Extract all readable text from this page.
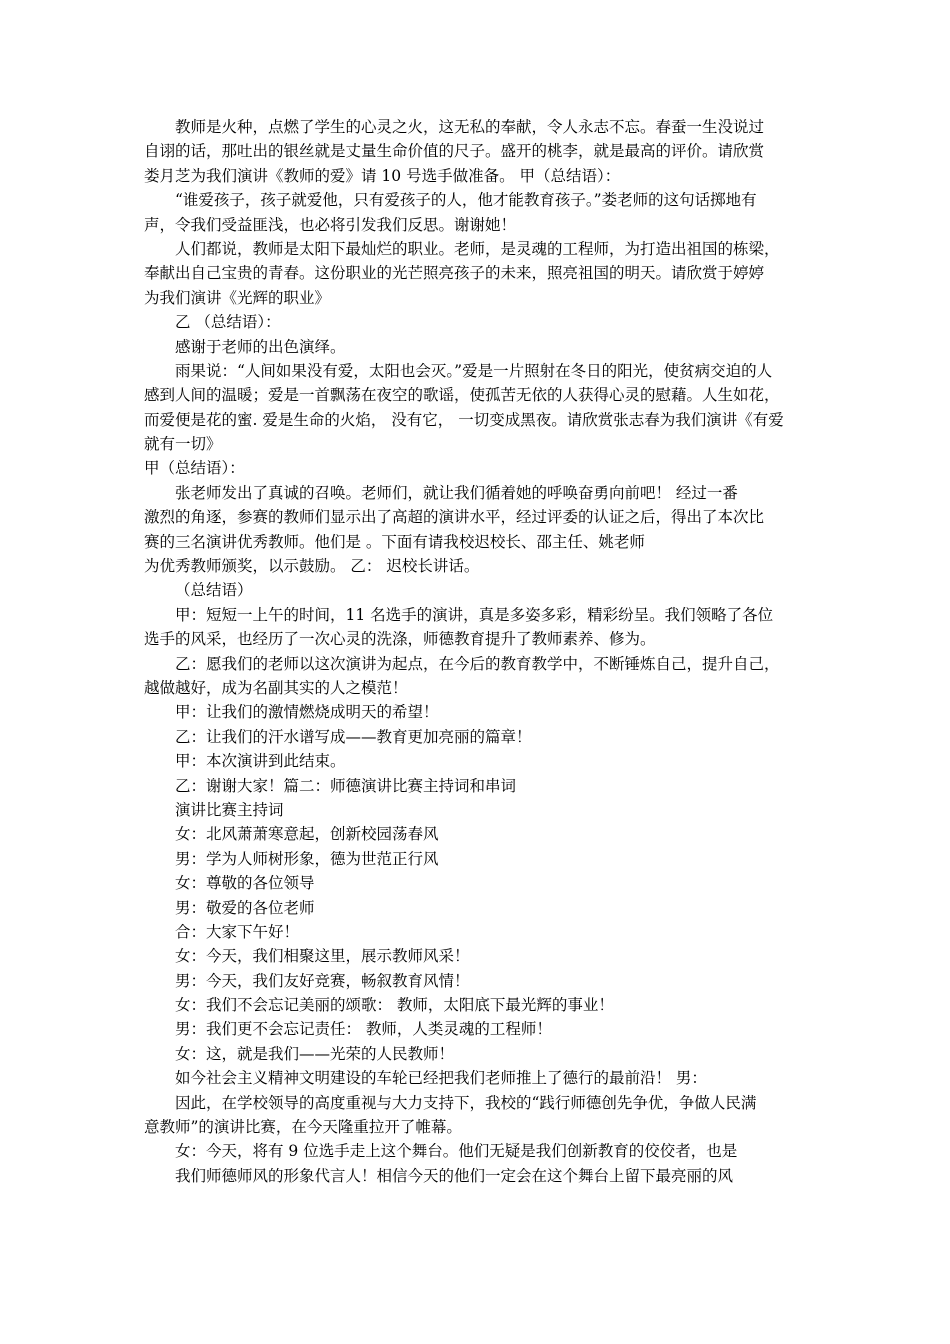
教师是火种，点燃了学生的心灵之火，这无私的奉献，令人永志不忘。春蚕一生没说过
自诩的话，那吐出的银丝就是丈量生命价值的尺子。盛开的桃李，就是最高的评价。请欣赏
娄月芝为我们演讲《教师的爱》请 10 号选手做准备。 甲（总结语）：
“谁爱孩子，孩子就爱他，只有爱孩子的人，他才能教育孩子。”娄老师的这句话掷地有
声，令我们受益匪浅，也必将引发我们反思。谢谢她！
人们都说，教师是太阳下最灿烂的职业。老师，是灵魂的工程师，为打造出祖国的栋梁，
奉献出自己宝贵的青春。这份职业的光芒照亮孩子的未来，照亮祖国的明天。请欣赏于婷婷
为我们演讲《光辉的职业》
乙 （总结语）：
感谢于老师的出色演绎。
雨果说：“人间如果没有爱，太阳也会灭。”爱是一片照射在冬日的阳光，使贫病交迫的人
感到人间的温暖；爱是一首飘荡在夜空的歌谣，使孤苦无依的人获得心灵的慰藉。人生如花，
而爱便是花的蜜. 爱是生命的火焰， 没有它， 一切变成黑夜。请欣赏张志春为我们演讲《有爱
就有一切》
甲（总结语）：
张老师发出了真诚的召唤。老师们，就让我们循着她的呼唤奋勇向前吧！ 经过一番
激烈的角逐，参赛的教师们显示出了高超的演讲水平，经过评委的认证之后，得出了本次比
赛的三名演讲优秀教师。他们是 。下面有请我校迟校长、邵主任、姚老师
为优秀教师颁奖，以示鼓励。 乙： 迟校长讲话。
（总结语）
甲：短短一上午的时间，11 名选手的演讲，真是多姿多彩，精彩纷呈。我们领略了各位
选手的风采，也经历了一次心灵的洗涤，师德教育提升了教师素养、修为。
乙：愿我们的老师以这次演讲为起点，在今后的教育教学中，不断锤炼自己，提升自己，
越做越好，成为名副其实的人之模范！
甲：让我们的激情燃烧成明天的希望！
乙：让我们的汗水谱写成——教育更加亮丽的篇章！
甲：本次演讲到此结束。
乙：谢谢大家！篇二：师德演讲比赛主持词和串词
演讲比赛主持词
女：北风萧萧寒意起，创新校园荡春风
男：学为人师树形象，德为世范正行风
女：尊敬的各位领导
男：敬爱的各位老师
合：大家下午好！
女：今天，我们相聚这里，展示教师风采！
男：今天，我们友好竞赛，畅叙教育风情！
女：我们不会忘记美丽的颂歌： 教师，太阳底下最光辉的事业！
男：我们更不会忘记责任： 教师，人类灵魂的工程师！
女：这，就是我们——光荣的人民教师！
如今社会主义精神文明建设的车轮已经把我们老师推上了德行的最前沿！ 男：
因此，在学校领导的高度重视与大力支持下，我校的“践行师德创先争优，争做人民满
意教师”的演讲比赛，在今天隆重拉开了帷幕。
女：今天，将有 9 位选手走上这个舞台。他们无疑是我们创新教育的佼佼者，也是
我们师德师风的形象代言人！相信今天的他们一定会在这个舞台上留下最亮丽的风
